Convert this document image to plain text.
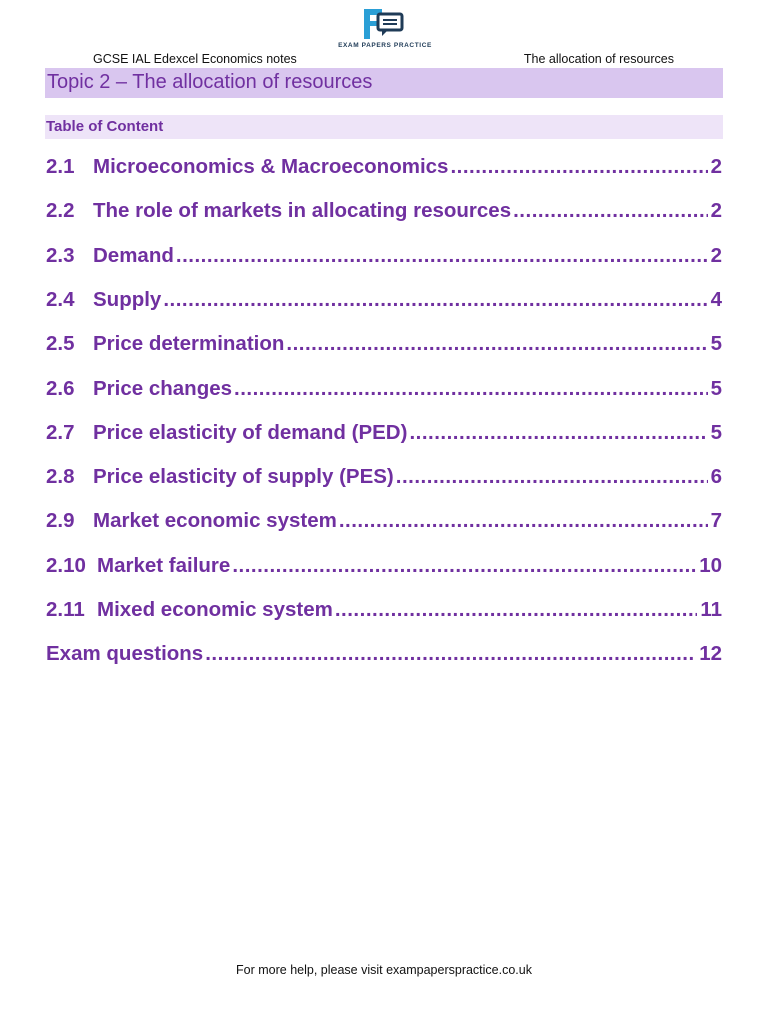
EXAM PAPERS PRACTICE
GCSE IAL Edexcel Economics notes	The allocation of resources
Topic 2 – The allocation of resources
Table of Content
2.1 Microeconomics & Macroeconomics .....	2
2.2 The role of markets in allocating resources .....	2
2.3 Demand .....	2
2.4 Supply .....	4
2.5 Price determination .....	5
2.6 Price changes .....	5
2.7 Price elasticity of demand (PED) .....	5
2.8 Price elasticity of supply (PES) .....	6
2.9 Market economic system .....	7
2.10 Market failure .....	10
2.11 Mixed economic system .....	11
Exam questions .....	12
For more help, please visit exampaperspractice.co.uk
